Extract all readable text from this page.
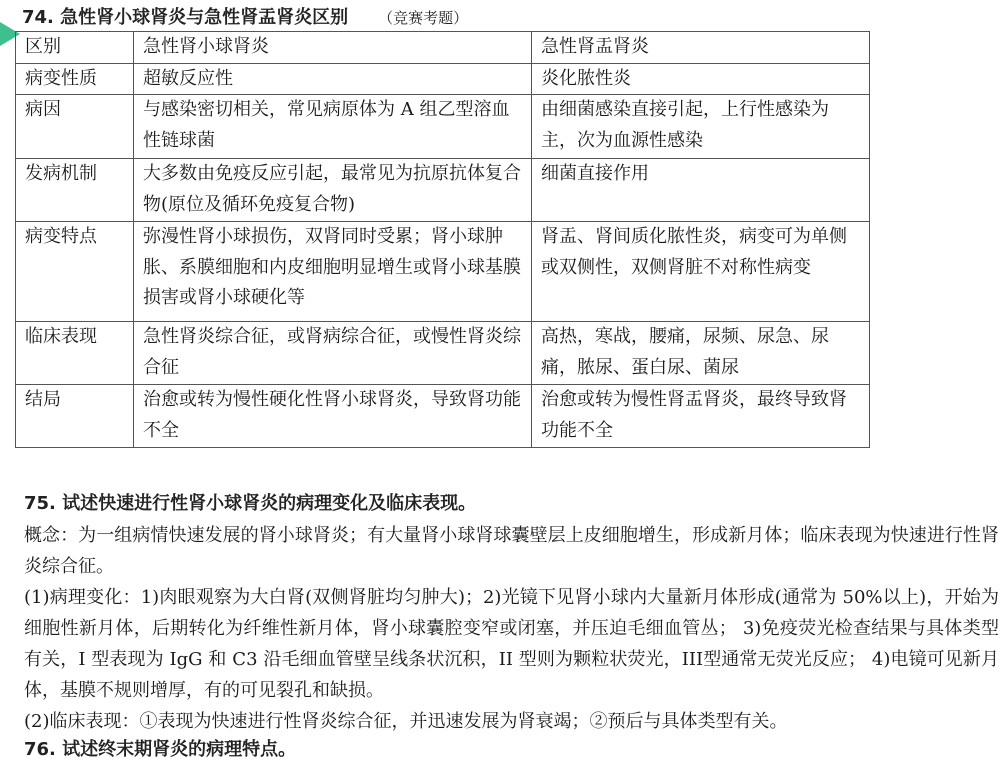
74. 急性肾小球肾炎与急性肾盂肾炎区别 （竞赛考题）
区别	急性肾小球肾炎	急性肾盂肾炎
病变性质	超敏反应性	炎化脓性炎
病因	与感染密切相关，常见病原体为 A 组乙型溶血性链球菌	由细菌感染直接引起，上行性感染为主，次为血源性感染
发病机制	大多数由免疫反应引起，最常见为抗原抗体复合物(原位及循环免疫复合物)	细菌直接作用
病变特点	弥漫性肾小球损伤，双肾同时受累；肾小球肿胀、系膜细胞和内皮细胞明显增生或肾小球基膜损害或肾小球硬化等	肾盂、肾间质化脓性炎，病变可为单侧或双侧性，双侧肾脏不对称性病变
临床表现	急性肾炎综合征，或肾病综合征，或慢性肾炎综合征	高热，寒战，腰痛，尿频、尿急、尿痛，脓尿、蛋白尿、菌尿
结局	治愈或转为慢性硬化性肾小球肾炎，导致肾功能不全	治愈或转为慢性肾盂肾炎，最终导致肾功能不全
75. 试述快速进行性肾小球肾炎的病理变化及临床表现。

概念：为一组病情快速发展的肾小球肾炎；有大量肾小球肾球囊壁层上皮细胞增生，形成新月体；临床表现为快速进行性肾炎综合征。

(1)病理变化：1)肉眼观察为大白肾(双侧肾脏均匀肿大)；2)光镜下见肾小球内大量新月体形成(通常为 50%以上)，开始为细胞性新月体，后期转化为纤维性新月体，肾小球囊腔变窄或闭塞，并压迫毛细血管丛； 3)免疫荧光检查结果与具体类型有关，I 型表现为 IgG 和 C3 沿毛细血管壁呈线条状沉积，II 型则为颗粒状荧光，III型通常无荧光反应； 4)电镜可见新月体，基膜不规则增厚，有的可见裂孔和缺损。

(2)临床表现：①表现为快速进行性肾炎综合征，并迅速发展为肾衰竭；②预后与具体类型有关。

76. 试述终末期肾炎的病理特点。
